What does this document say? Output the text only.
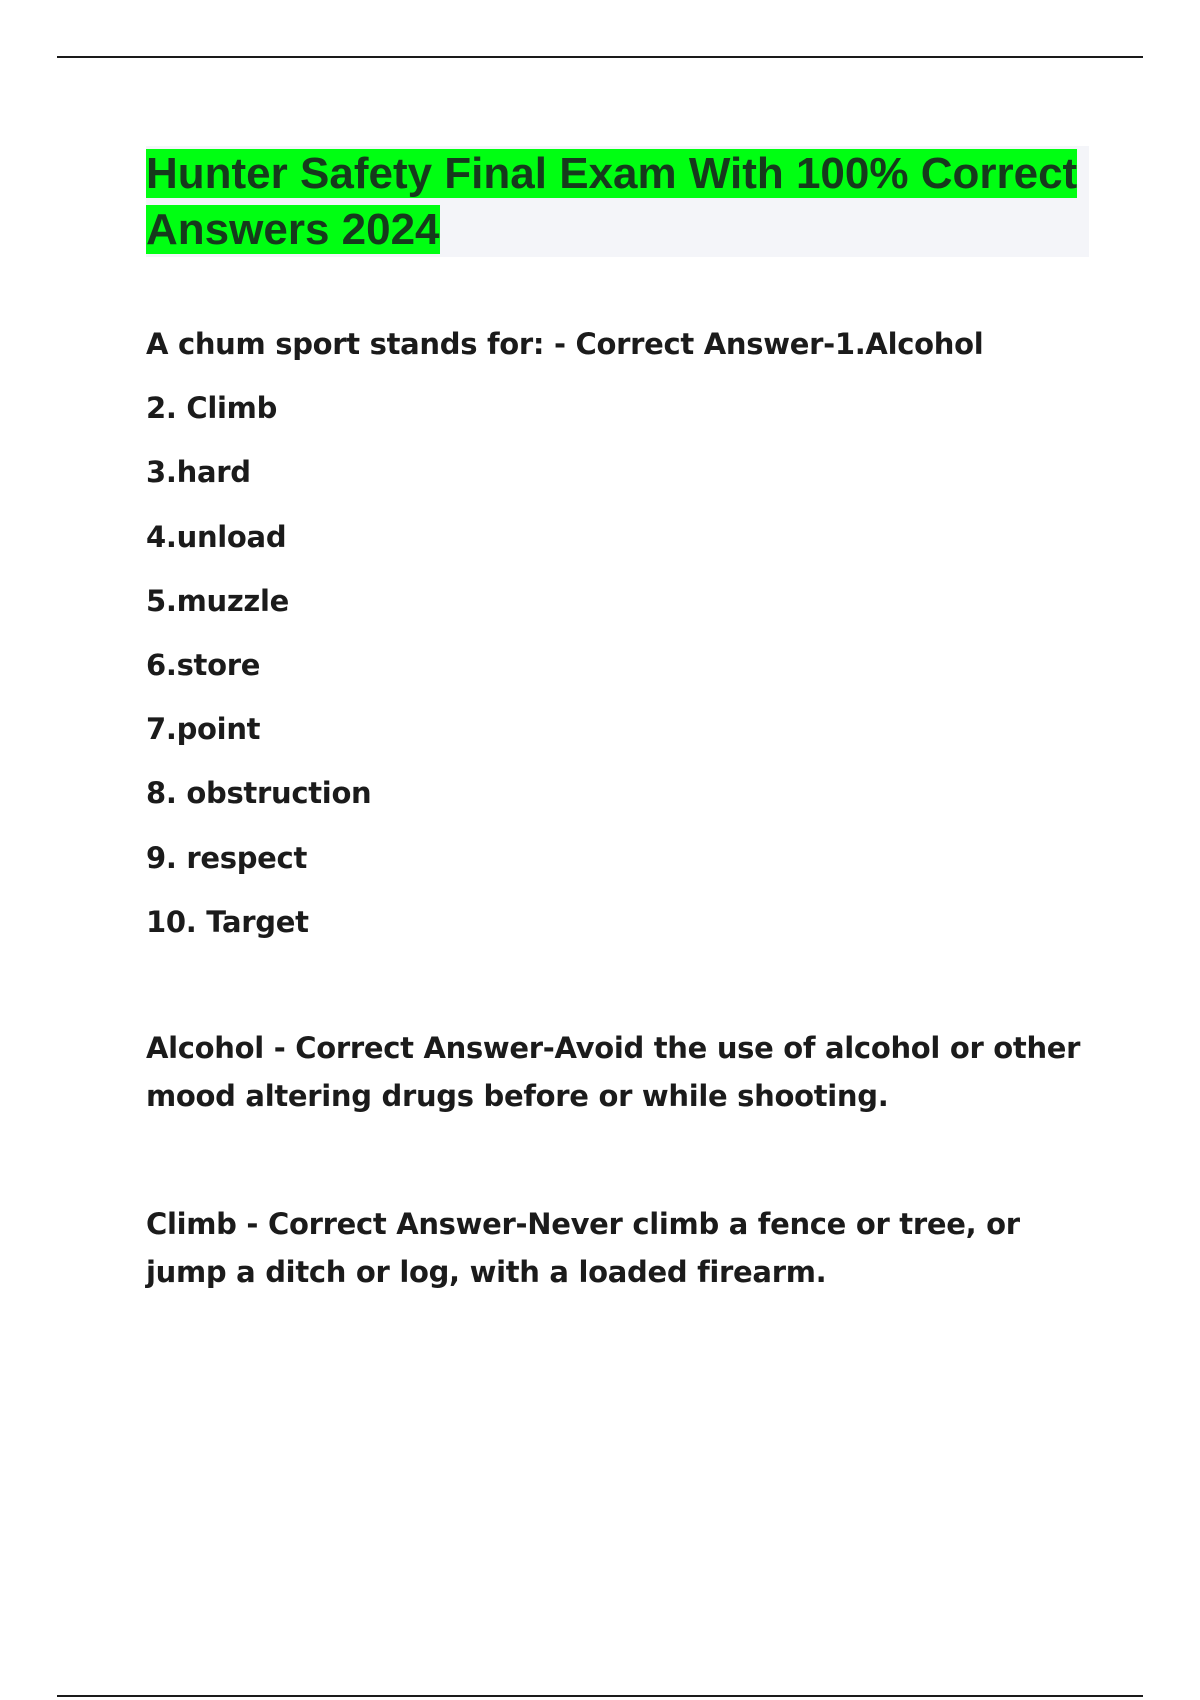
Hunter Safety Final Exam With 100% Correct Answers 2024
A chum sport stands for: - Correct Answer-1.Alcohol
2. Climb
3.hard
4.unload
5.muzzle
6.store
7.point
8. obstruction
9. respect
10. Target

Alcohol - Correct Answer-Avoid the use of alcohol or other mood altering drugs before or while shooting.

Climb - Correct Answer-Never climb a fence or tree, or jump a ditch or log, with a loaded firearm.
